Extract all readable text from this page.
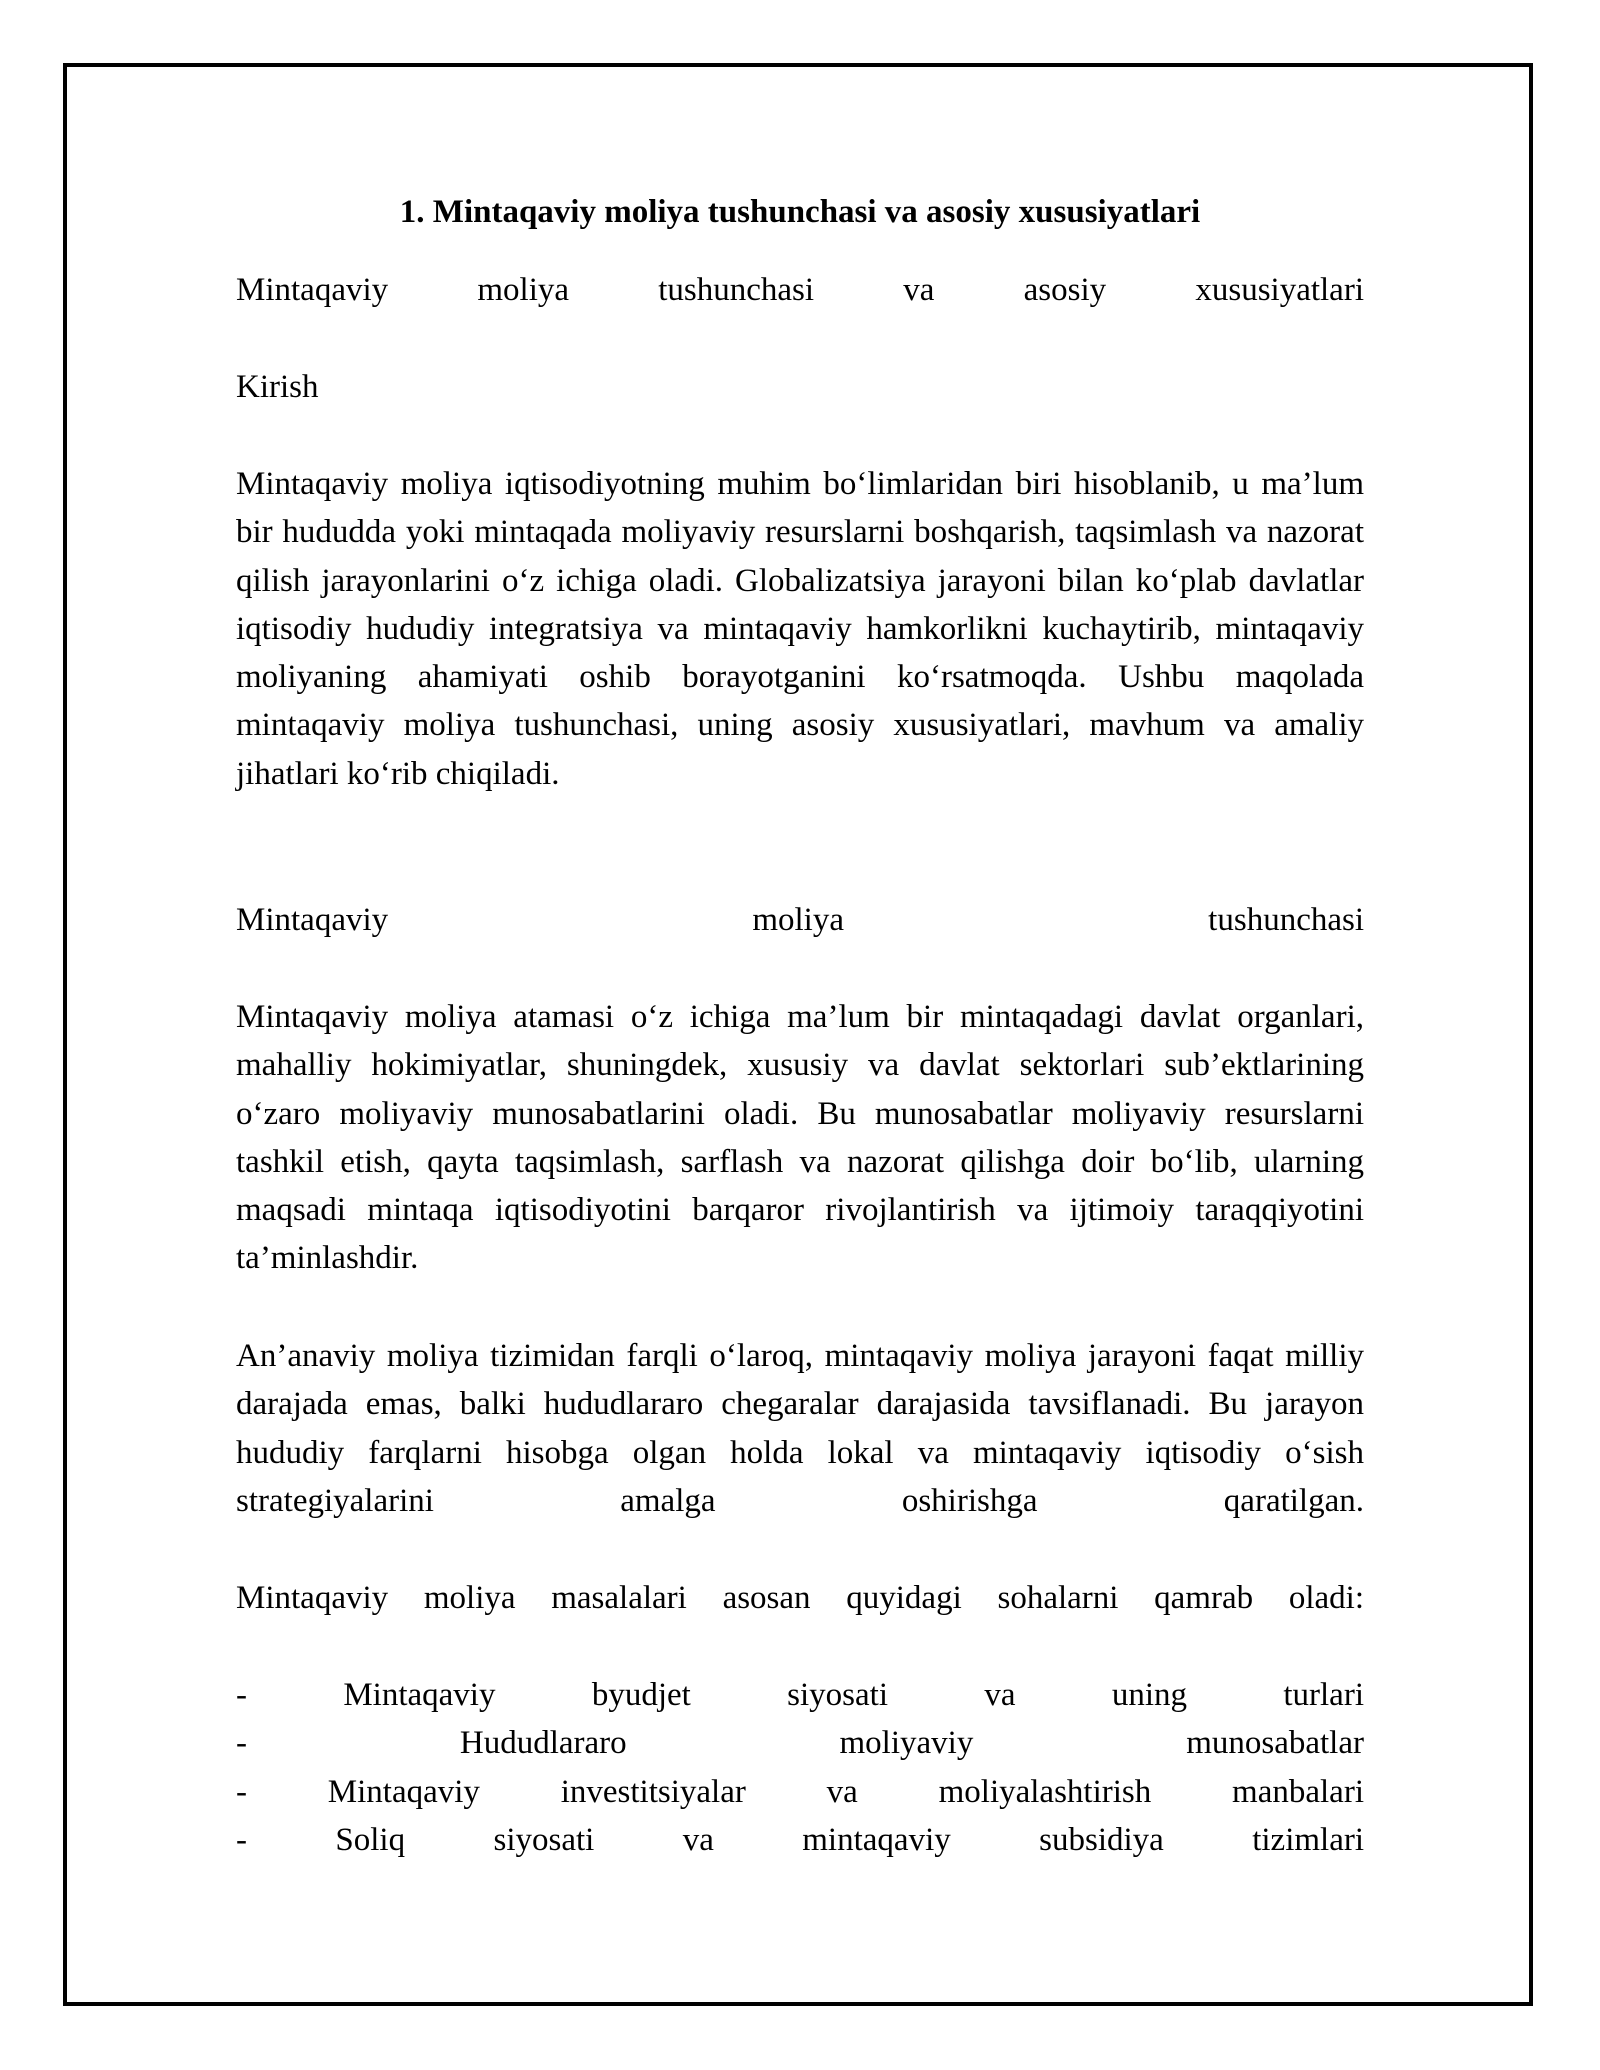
1. Mintaqaviy moliya tushunchasi va asosiy xususiyatlari

Mintaqaviy moliya tushunchasi va asosiy xususiyatlari

Kirish

Mintaqaviy moliya iqtisodiyotning muhim bo‘limlaridan biri hisoblanib, u ma’lum bir hududda yoki mintaqada moliyaviy resurslarni boshqarish, taqsimlash va nazorat qilish jarayonlarini o‘z ichiga oladi. Globalizatsiya jarayoni bilan ko‘plab davlatlar iqtisodiy hududiy integratsiya va mintaqaviy hamkorlikni kuchaytirib, mintaqaviy moliyaning ahamiyati oshib borayotganini ko‘rsatmoqda. Ushbu maqolada mintaqaviy moliya tushunchasi, uning asosiy xususiyatlari, mavhum va amaliy jihatlari ko‘rib chiqiladi.

Mintaqaviy moliya tushunchasi

Mintaqaviy moliya atamasi o‘z ichiga ma’lum bir mintaqadagi davlat organlari, mahalliy hokimiyatlar, shuningdek, xususiy va davlat sektorlari sub’ektlarining o‘zaro moliyaviy munosabatlarini oladi. Bu munosabatlar moliyaviy resurslarni tashkil etish, qayta taqsimlash, sarflash va nazorat qilishga doir bo‘lib, ularning maqsadi mintaqa iqtisodiyotini barqaror rivojlantirish va ijtimoiy taraqqiyotini ta’minlashdir.

An’anaviy moliya tizimidan farqli o‘laroq, mintaqaviy moliya jarayoni faqat milliy darajada emas, balki hududlararo chegaralar darajasida tavsiflanadi. Bu jarayon hududiy farqlarni hisobga olgan holda lokal va mintaqaviy iqtisodiy o‘sish strategiyalarini amalga oshirishga qaratilgan.

Mintaqaviy moliya masalalari asosan quyidagi sohalarni qamrab oladi:

- Mintaqaviy byudjet siyosati va uning turlari
- Hududlararo moliyaviy munosabatlar
- Mintaqaviy investitsiyalar va moliyalashtirish manbalari
- Soliq siyosati va mintaqaviy subsidiya tizimlari
